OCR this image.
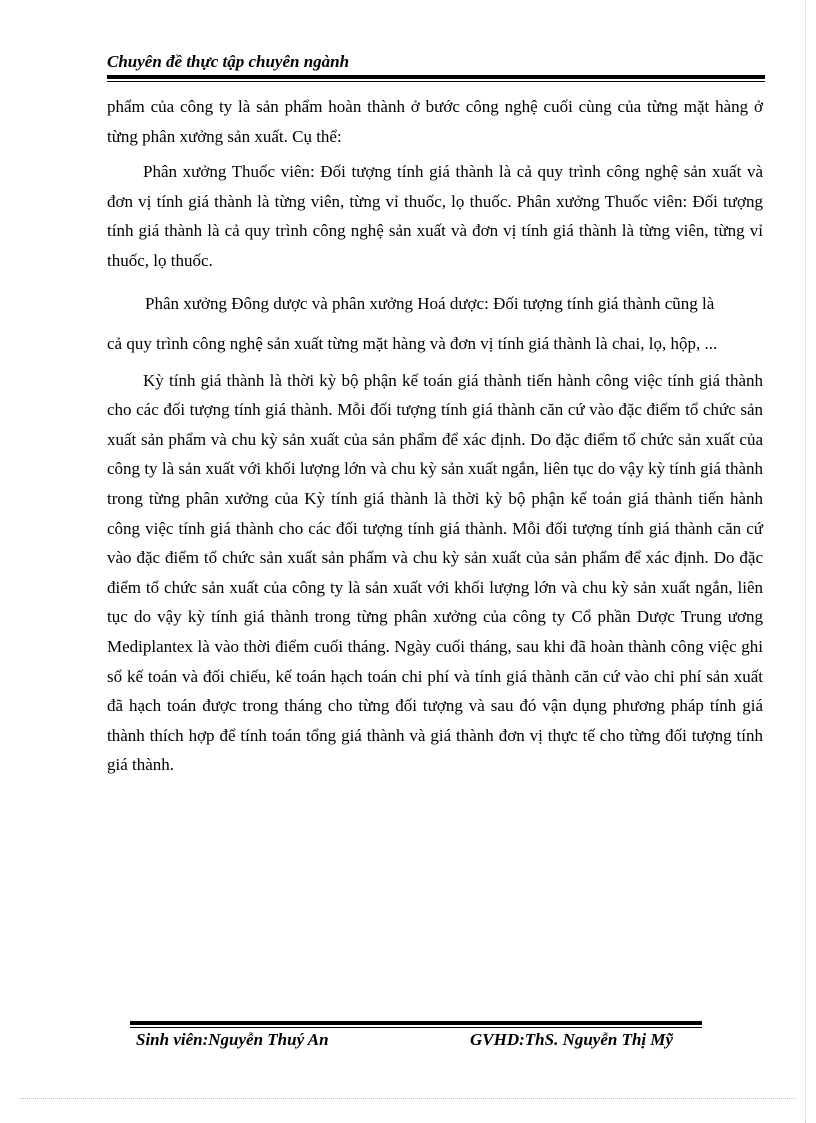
Chuyên đề thực tập chuyên ngành

phẩm của công ty là sản phẩm hoàn thành ở bước công nghệ cuối cùng của từng mặt hàng ở từng phân xưởng sản xuất. Cụ thể:

Phân xưởng Thuốc viên: Đối tượng tính giá thành là cả quy trình công nghệ sản xuất và đơn vị tính giá thành là từng viên, từng vỉ thuốc, lọ thuốc. Phân xưởng Thuốc viên: Đối tượng tính giá thành là cả quy trình công nghệ sản xuất và đơn vị tính giá thành là từng viên, từng vỉ thuốc, lọ thuốc.

Phân xưởng Đông dược và phân xưởng Hoá dược: Đối tượng tính giá thành cũng là cả quy trình công nghệ sản xuất từng mặt hàng và đơn vị tính giá thành là chai, lọ, hộp, ...

Kỳ tính giá thành là thời kỳ bộ phận kế toán giá thành tiến hành công việc tính giá thành cho các đối tượng tính giá thành. Mỗi đối tượng tính giá thành căn cứ vào đặc điểm tổ chức sản xuất sản phẩm và chu kỳ sản xuất của sản phẩm để xác định. Do đặc điểm tổ chức sản xuất của công ty là sản xuất với khối lượng lớn và chu kỳ sản xuất ngắn, liên tục do vậy kỳ tính giá thành trong từng phân xưởng của Kỳ tính giá thành là thời kỳ bộ phận kế toán giá thành tiến hành công việc tính giá thành cho các đối tượng tính giá thành. Mỗi đối tượng tính giá thành căn cứ vào đặc điểm tổ chức sản xuất sản phẩm và chu kỳ sản xuất của sản phẩm để xác định. Do đặc điểm tổ chức sản xuất của công ty là sản xuất với khối lượng lớn và chu kỳ sản xuất ngắn, liên tục do vậy kỳ tính giá thành trong từng phân xưởng của công ty Cổ phần Dược Trung ương Mediplantex là vào thời điểm cuối tháng. Ngày cuối tháng, sau khi đã hoàn thành công việc ghi sổ kế toán và đối chiếu, kế toán hạch toán chi phí và tính giá thành căn cứ vào chi phí sản xuất đã hạch toán được trong tháng cho từng đối tượng và sau đó vận dụng phương pháp tính giá thành thích hợp để tính toán tổng giá thành và giá thành đơn vị thực tế cho từng đối tượng tính giá thành.

Sinh viên:Nguyễn Thuý An	GVHD:ThS. Nguyễn Thị Mỹ
